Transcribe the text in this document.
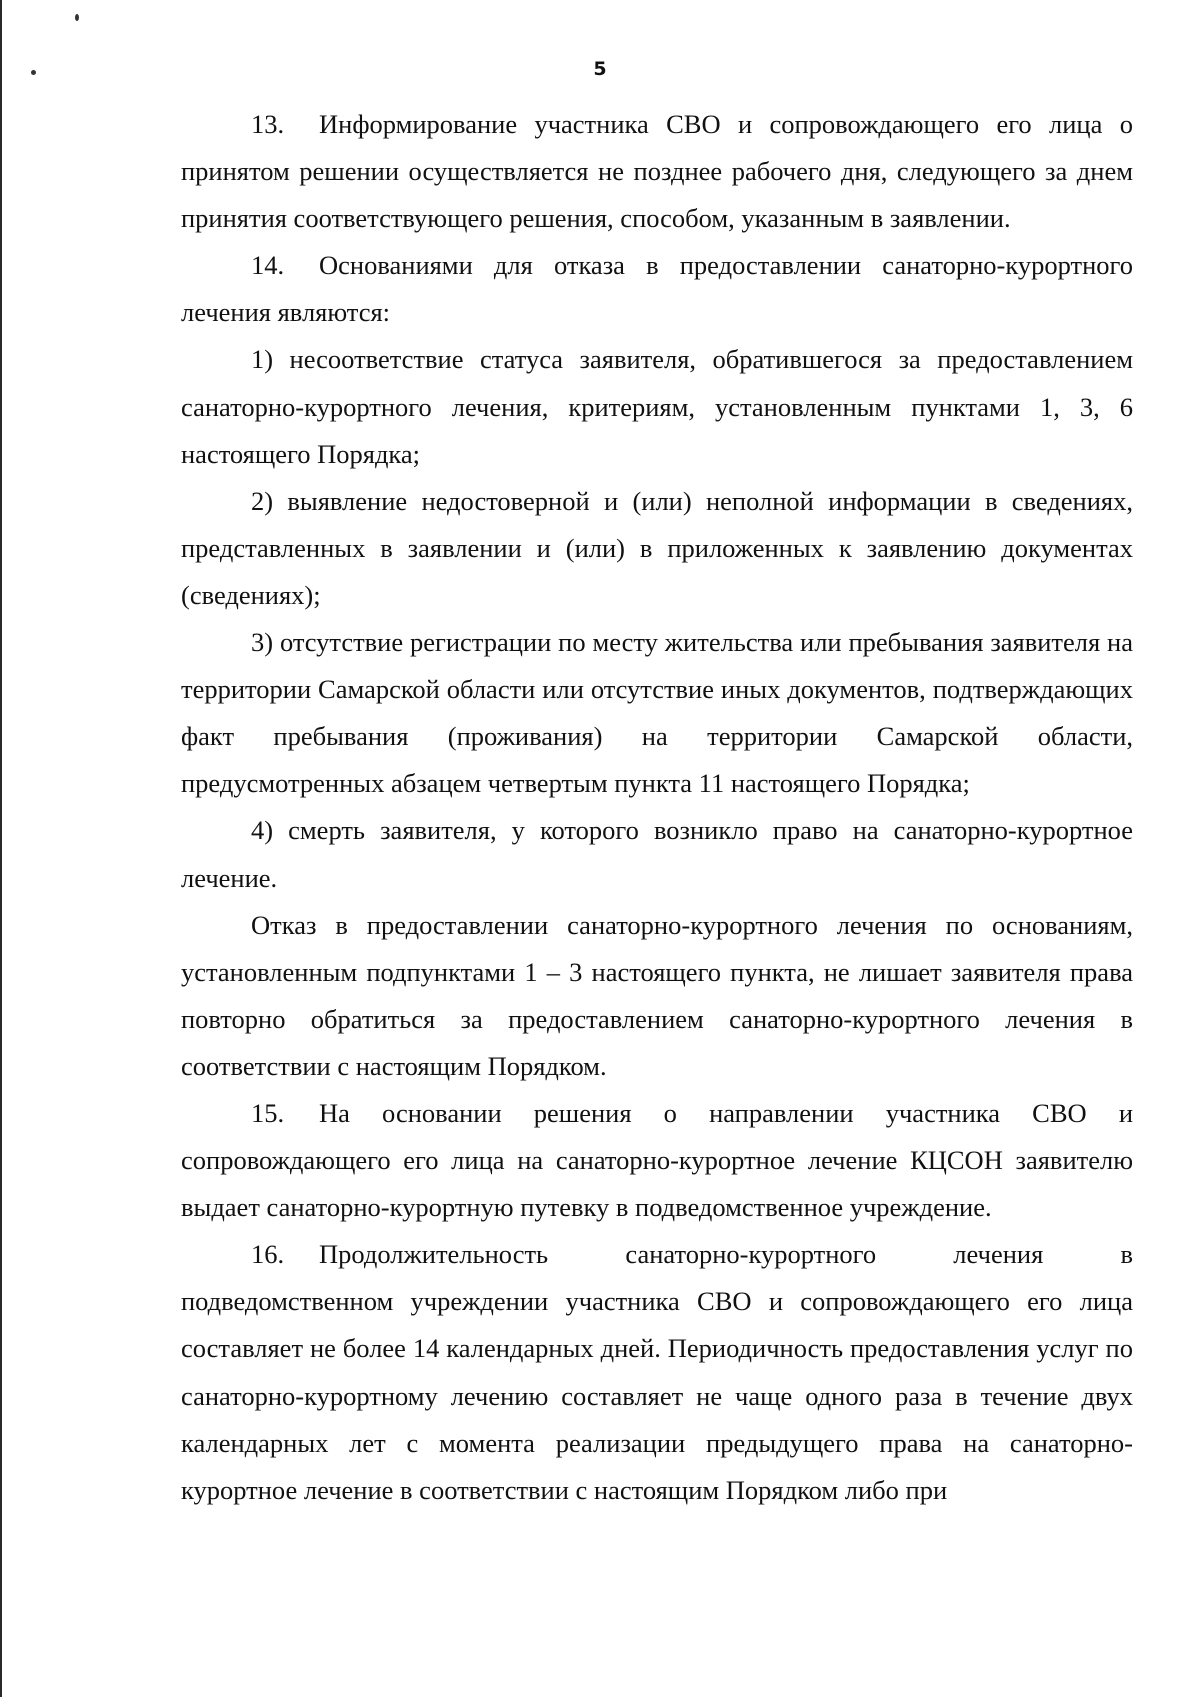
5

13. Информирование участника СВО и сопровождающего его лица о принятом решении осуществляется не позднее рабочего дня, следующего за днем принятия соответствующего решения, способом, указанным в заявлении.

14. Основаниями для отказа в предоставлении санаторно-курортного лечения являются:

1) несоответствие статуса заявителя, обратившегося за предоставлением санаторно-курортного лечения, критериям, установленным пунктами 1, 3, 6 настоящего Порядка;

2) выявление недостоверной и (или) неполной информации в сведениях, представленных в заявлении и (или) в приложенных к заявлению документах (сведениях);

3) отсутствие регистрации по месту жительства или пребывания заявителя на территории Самарской области или отсутствие иных документов, подтверждающих факт пребывания (проживания) на территории Самарской области, предусмотренных абзацем четвертым пункта 11 настоящего Порядка;

4) смерть заявителя, у которого возникло право на санаторно-курортное лечение.

Отказ в предоставлении санаторно-курортного лечения по основаниям, установленным подпунктами 1 – 3 настоящего пункта, не лишает заявителя права повторно обратиться за предоставлением санаторно-курортного лечения в соответствии с настоящим Порядком.

15. На основании решения о направлении участника СВО и сопровождающего его лица на санаторно-курортное лечение КЦСОН заявителю выдает санаторно-курортную путевку в подведомственное учреждение.

16. Продолжительность санаторно-курортного лечения в подведомственном учреждении участника СВО и сопровождающего его лица составляет не более 14 календарных дней. Периодичность предоставления услуг по санаторно-курортному лечению составляет не чаще одного раза в течение двух календарных лет с момента реализации предыдущего права на санаторно-курортное лечение в соответствии с настоящим Порядком либо при
